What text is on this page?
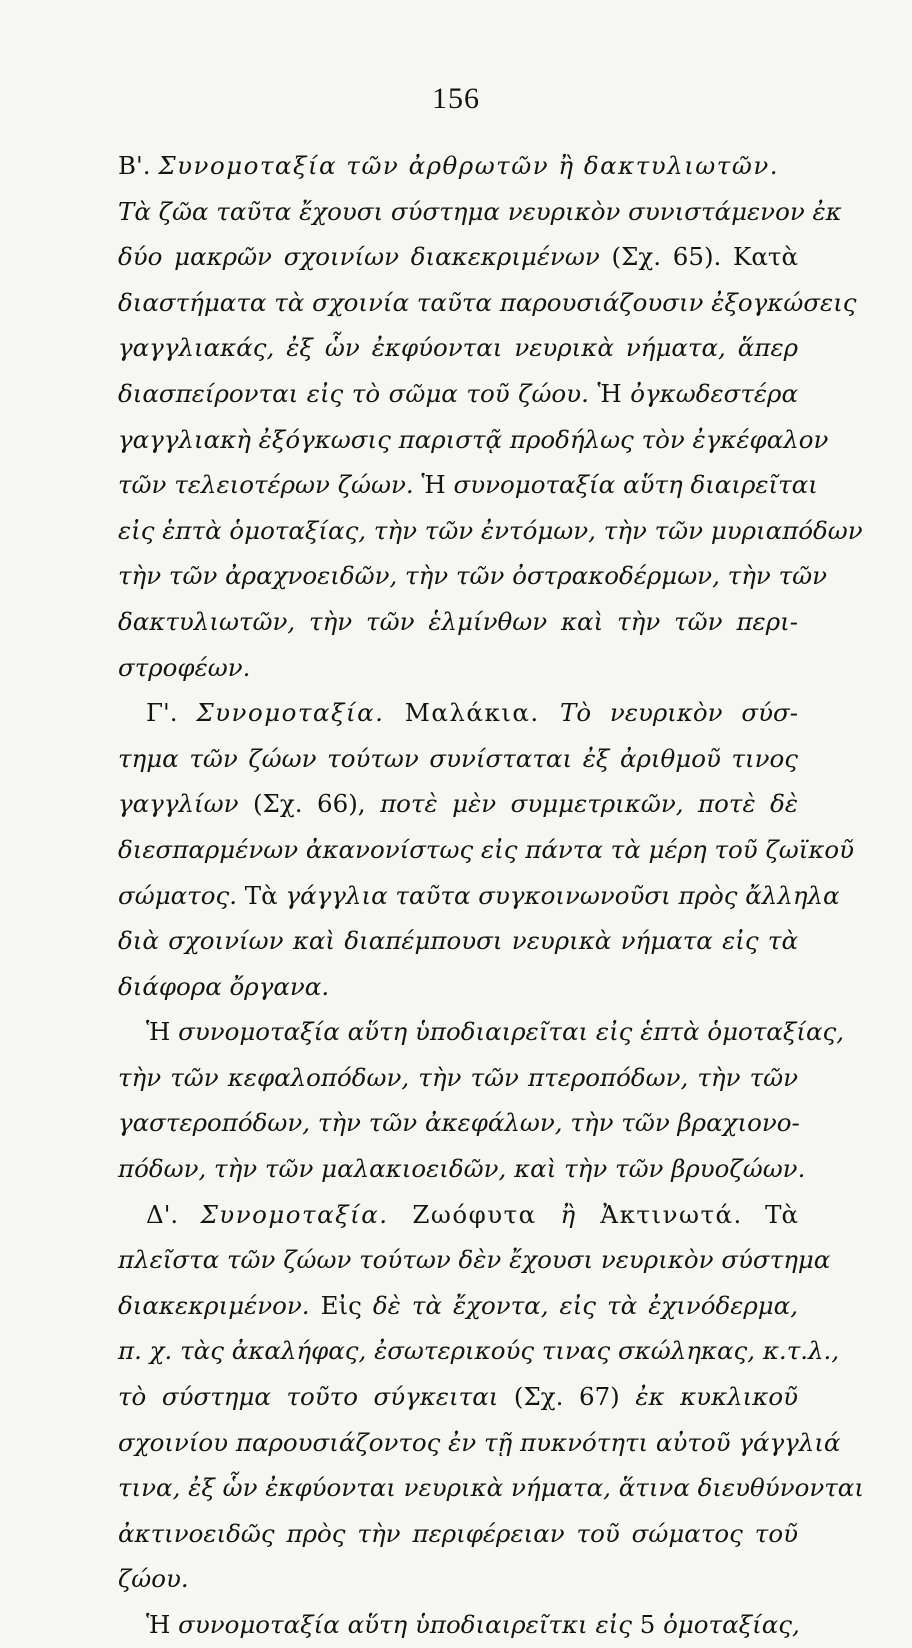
156
Β'. Συνομοταξία τῶν ἀρθρωτῶν ἢ δακτυλιωτῶν.
Τὰ ζῶα ταῦτα ἔχουσι σύστημα νευρικὸν συνιστάμενον ἐκ
δύο μακρῶν σχοινίων διακεκριμένων (Σχ. 65). Κατὰ
διαστήματα τὰ σχοινία ταῦτα παρουσιάζουσιν ἐξογκώσεις
γαγγλιακάς, ἐξ ὧν ἐκφύονται νευρικὰ νήματα, ἅπερ
διασπείρονται εἰς τὸ σῶμα τοῦ ζώου. Ἡ ὀγκωδεστέρα
γαγγλιακὴ ἐξόγκωσις παριστᾷ προδήλως τὸν ἐγκέφαλον
τῶν τελειοτέρων ζώων. Ἡ συνομοταξία αὕτη διαιρεῖται
εἰς ἑπτὰ ὁμοταξίας, τὴν τῶν ἐντόμων, τὴν τῶν μυριαπόδων
τὴν τῶν ἀραχνοειδῶν, τὴν τῶν ὀστρακοδέρμων, τὴν τῶν
δακτυλιωτῶν, τὴν τῶν ἑλμίνθων καὶ τὴν τῶν περι-
στροφέων.
Γ'. Συνομοταξία. Μαλάκια. Τὸ νευρικὸν σύσ-
τημα τῶν ζώων τούτων συνίσταται ἐξ ἀριθμοῦ τινος
γαγγλίων (Σχ. 66), ποτὲ μὲν συμμετρικῶν, ποτὲ δὲ
διεσπαρμένων ἀκανονίστως εἰς πάντα τὰ μέρη τοῦ ζωϊκοῦ
σώματος. Τὰ γάγγλια ταῦτα συγκοινωνοῦσι πρὸς ἄλληλα
διὰ σχοινίων καὶ διαπέμπουσι νευρικὰ νήματα εἰς τὰ
διάφορα ὄργανα.
Ἡ συνομοταξία αὕτη ὑποδιαιρεῖται εἰς ἑπτὰ ὁμοταξίας,
τὴν τῶν κεφαλοπόδων, τὴν τῶν πτεροπόδων, τὴν τῶν
γαστεροπόδων, τὴν τῶν ἀκεφάλων, τὴν τῶν βραχιονο-
πόδων, τὴν τῶν μαλακιοειδῶν, καὶ τὴν τῶν βρυοζώων.
Δ'. Συνομοταξία. Ζωόφυτα ἢ Ἀκτινωτά. Τὰ
πλεῖστα τῶν ζώων τούτων δὲν ἔχουσι νευρικὸν σύστημα
διακεκριμένον. Εἰς δὲ τὰ ἔχοντα, εἰς τὰ ἐχινόδερμα,
π. χ. τὰς ἀκαλήφας, ἐσωτερικούς τινας σκώληκας, κ.τ.λ.,
τὸ σύστημα τοῦτο σύγκειται (Σχ. 67) ἐκ κυκλικοῦ
σχοινίου παρουσιάζοντος ἐν τῇ πυκνότητι αὐτοῦ γάγγλιά
τινα, ἐξ ὧν ἐκφύονται νευρικὰ νήματα, ἅτινα διευθύνονται
ἀκτινοειδῶς πρὸς τὴν περιφέρειαν τοῦ σώματος τοῦ
ζώου.
Ἡ συνομοταξία αὕτη ὑποδιαιρεῖτκι εἰς 5 ὁμοταξίας,
